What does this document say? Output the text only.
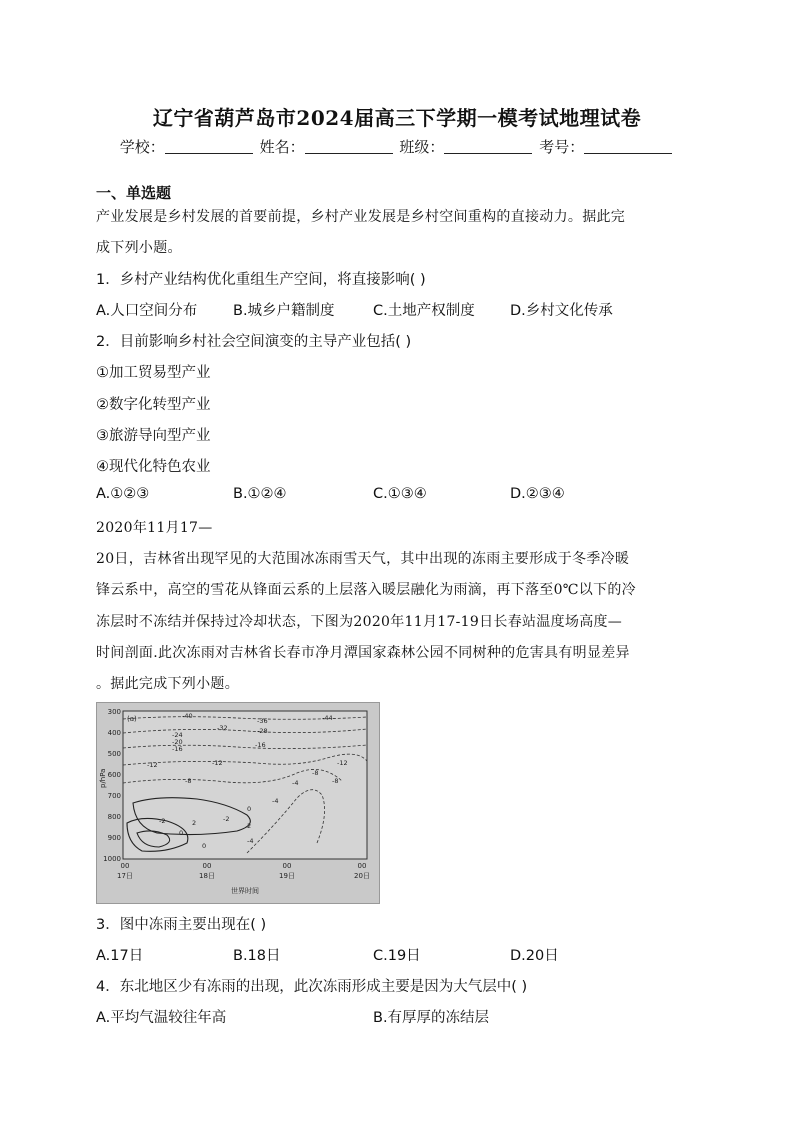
辽宁省葫芦岛市2024届高三下学期一模考试地理试卷
学校：	姓名：	班级：	考号：
一、单选题
产业发展是乡村发展的首要前提，乡村产业发展是乡村空间重构的直接动力。据此完
成下列小题。
1．乡村产业结构优化重组生产空间，将直接影响( )
A.人口空间分布 B.城乡户籍制度	C.土地产权制度 D.乡村文化传承
2．目前影响乡村社会空间演变的主导产业包括( )
①加工贸易型产业
②数字化转型产业
③旅游导向型产业
④现代化特色农业
A.①②③	B.①②④	C.①③④	D.②③④
2020年11月17—
20日，吉林省出现罕见的大范围冰冻雨雪天气，其中出现的冻雨主要形成于冬季冷暖
锋云系中，高空的雪花从锋面云系的上层落入暖层融化为雨滴，再下落至0℃以下的冷
冻层时不冻结并保持过冷却状态，下图为2020年11月17-19日长春站温度场高度—
时间剖面.此次冻雨对吉林省长春市净月潭国家森林公园不同树种的危害具有明显差异
。据此完成下列小题。
(a)
p/hPa
300
400
500
600
700
800
900
1000
00	00	00	00
17日	18日	19日	20日
世界时间
-40
-36	-44
-32	-28
-24
-20
-16	-16
-12	-12
-8
-8
-4	-8
-12
-4
0
2
-2
2
0
-2
-4
0
3．图中冻雨主要出现在( )
A.17日	B.18日	C.19日	D.20日
4．东北地区少有冻雨的出现，此次冻雨形成主要是因为大气层中( )
A.平均气温较往年高	B.有厚厚的冻结层
